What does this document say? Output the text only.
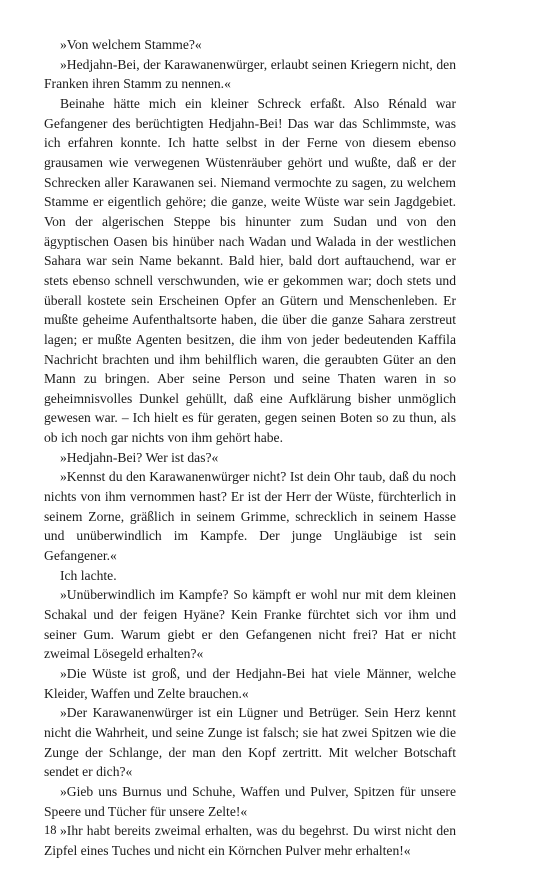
»Von welchem Stamme?«

»Hedjahn-Bei, der Karawanenwürger, erlaubt seinen Kriegern nicht, den Franken ihren Stamm zu nennen.«

Beinahe hätte mich ein kleiner Schreck erfaßt. Also Rénald war Gefangener des berüchtigten Hedjahn-Bei! Das war das Schlimmste, was ich erfahren konnte. Ich hatte selbst in der Ferne von diesem ebenso grausamen wie verwegenen Wüstenräuber gehört und wußte, daß er der Schrecken aller Karawanen sei. Niemand vermochte zu sagen, zu welchem Stamme er eigentlich gehöre; die ganze, weite Wüste war sein Jagdgebiet. Von der algerischen Steppe bis hinunter zum Sudan und von den ägyptischen Oasen bis hinüber nach Wadan und Walada in der westlichen Sahara war sein Name bekannt. Bald hier, bald dort auftauchend, war er stets ebenso schnell verschwunden, wie er gekommen war; doch stets und überall kostete sein Erscheinen Opfer an Gütern und Menschenleben. Er mußte geheime Aufenthaltsorte haben, die über die ganze Sahara zerstreut lagen; er mußte Agenten besitzen, die ihm von jeder bedeutenden Kaffila Nachricht brachten und ihm behilflich waren, die geraubten Güter an den Mann zu bringen. Aber seine Person und seine Thaten waren in so geheimnisvolles Dunkel gehüllt, daß eine Aufklärung bisher unmöglich gewesen war. – Ich hielt es für geraten, gegen seinen Boten so zu thun, als ob ich noch gar nichts von ihm gehört habe.

»Hedjahn-Bei? Wer ist das?«

»Kennst du den Karawanenwürger nicht? Ist dein Ohr taub, daß du noch nichts von ihm vernommen hast? Er ist der Herr der Wüste, fürchterlich in seinem Zorne, gräßlich in seinem Grimme, schrecklich in seinem Hasse und unüberwindlich im Kampfe. Der junge Ungläubige ist sein Gefangener.«

Ich lachte.

»Unüberwindlich im Kampfe? So kämpft er wohl nur mit dem kleinen Schakal und der feigen Hyäne? Kein Franke fürchtet sich vor ihm und seiner Gum. Warum giebt er den Gefangenen nicht frei? Hat er nicht zweimal Lösegeld erhalten?«

»Die Wüste ist groß, und der Hedjahn-Bei hat viele Männer, welche Kleider, Waffen und Zelte brauchen.«

»Der Karawanenwürger ist ein Lügner und Betrüger. Sein Herz kennt nicht die Wahrheit, und seine Zunge ist falsch; sie hat zwei Spitzen wie die Zunge der Schlange, der man den Kopf zertritt. Mit welcher Botschaft sendet er dich?«

»Gieb uns Burnus und Schuhe, Waffen und Pulver, Spitzen für unsere Speere und Tücher für unsere Zelte!«

»Ihr habt bereits zweimal erhalten, was du begehrst. Du wirst nicht den Zipfel eines Tuches und nicht ein Körnchen Pulver mehr erhalten!«

18
